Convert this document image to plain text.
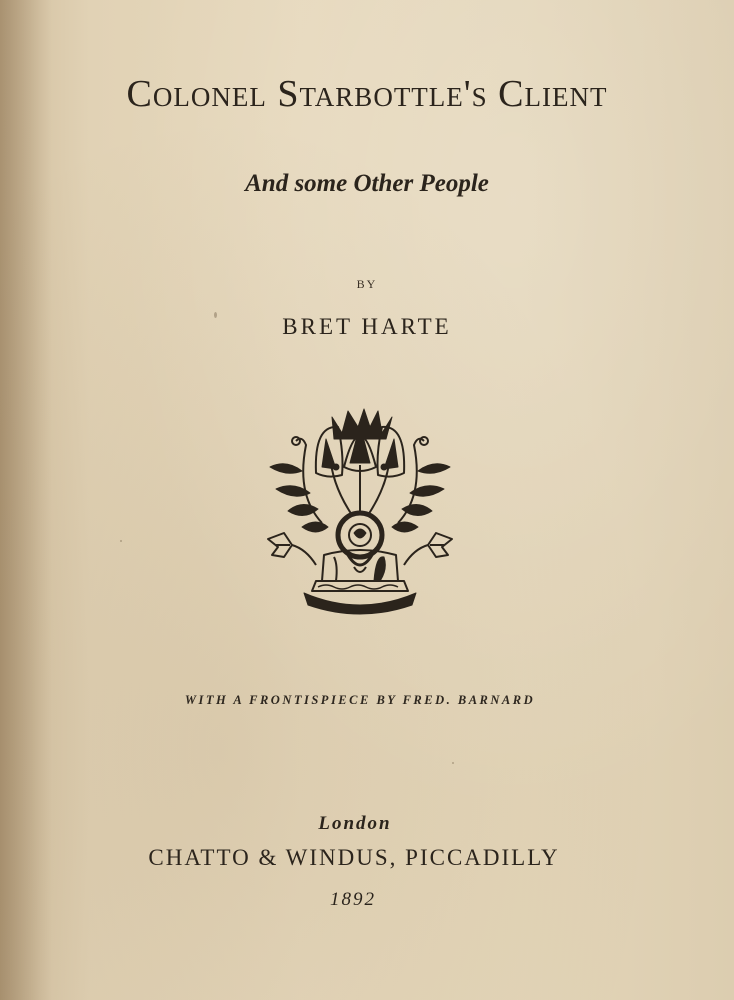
Colonel Starbottle's Client
And some Other People
BY
BRET HARTE
WITH A FRONTISPIECE BY FRED. BARNARD
London
CHATTO & WINDUS, PICCADILLY
1892
